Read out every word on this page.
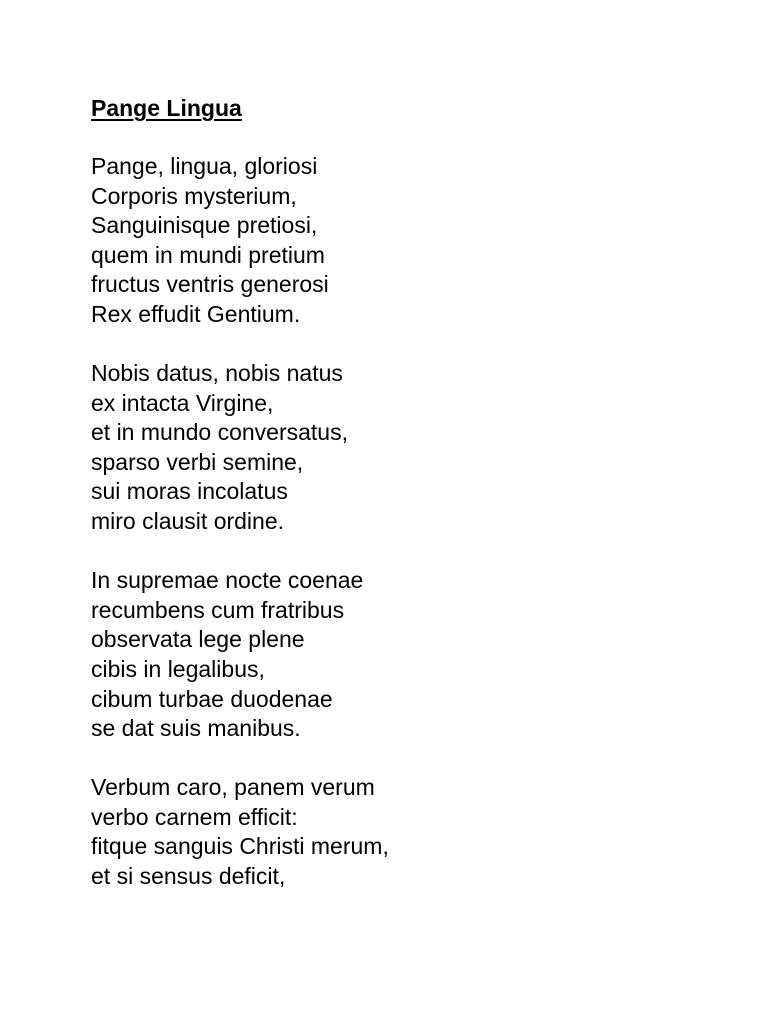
Pange Lingua
Pange, lingua, gloriosi
Corporis mysterium,
Sanguinisque pretiosi,
quem in mundi pretium
fructus ventris generosi
Rex effudit Gentium.
Nobis datus, nobis natus
ex intacta Virgine,
et in mundo conversatus,
sparso verbi semine,
sui moras incolatus
miro clausit ordine.
In supremae nocte coenae
recumbens cum fratribus
observata lege plene
cibis in legalibus,
cibum turbae duodenae
se dat suis manibus.
Verbum caro, panem verum
verbo carnem efficit:
fitque sanguis Christi merum,
et si sensus deficit,
